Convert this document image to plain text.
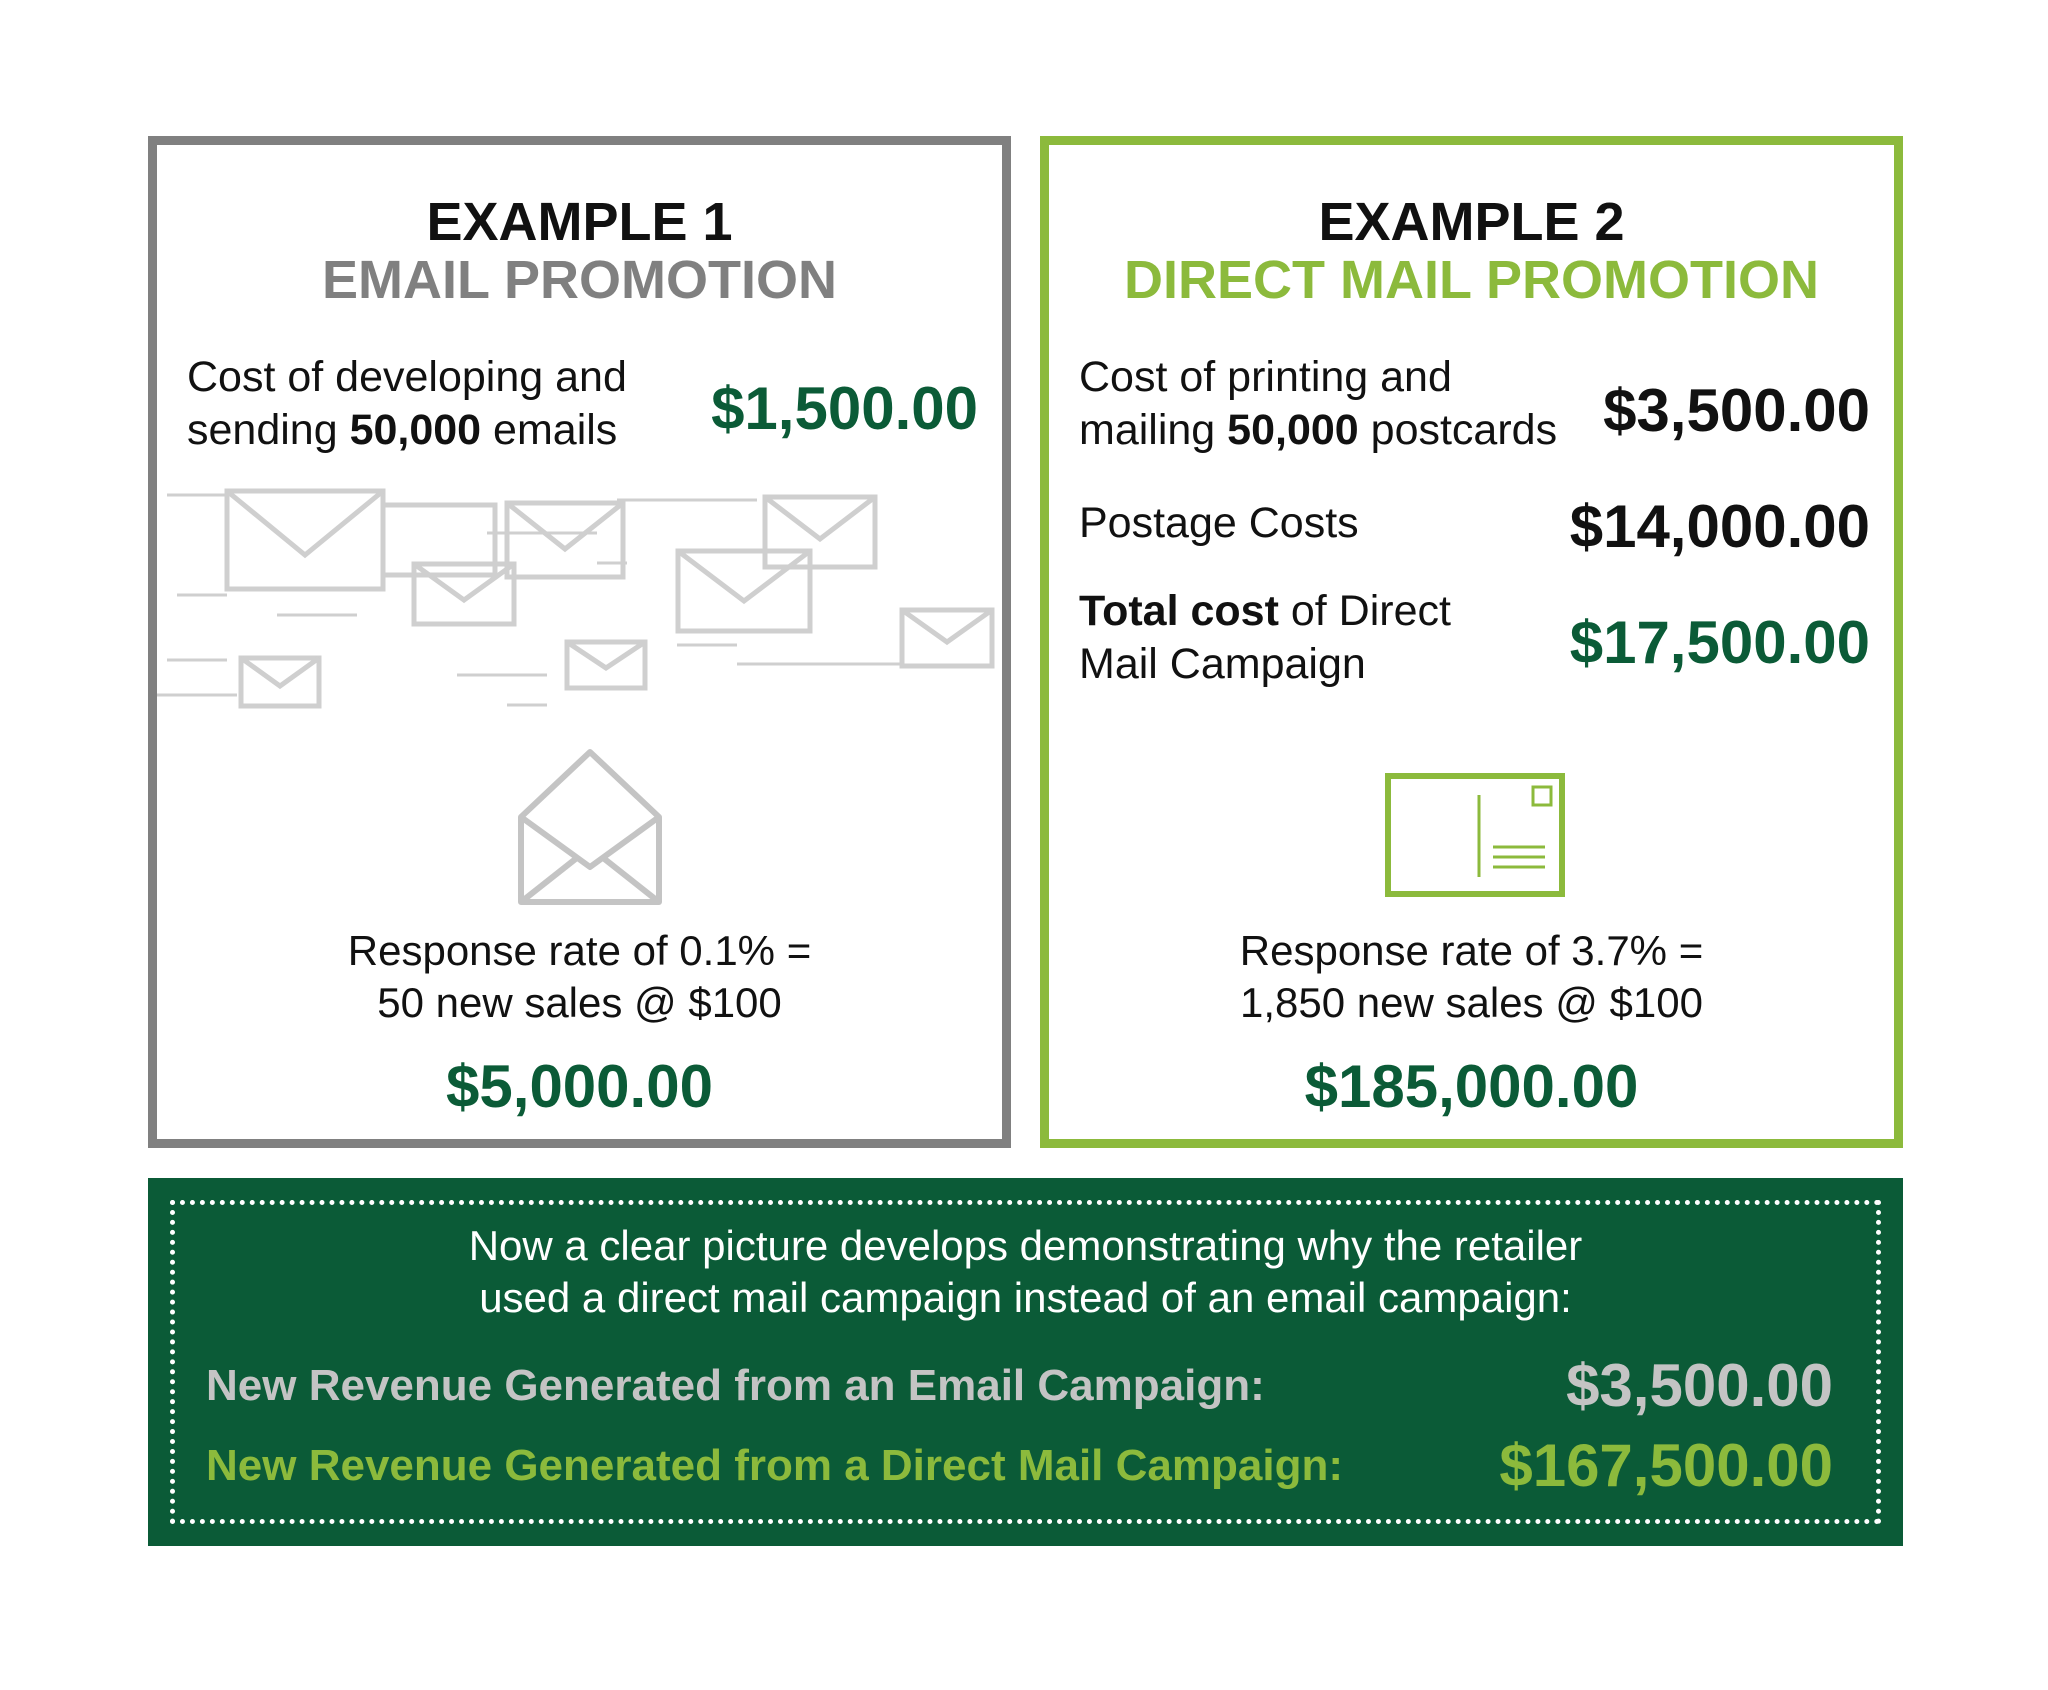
EXAMPLE 1
EMAIL PROMOTION
Cost of developing and
sending 50,000 emails $1,500.00
Response rate of 0.1% =
50 new sales @ $100
$5,000.00
EXAMPLE 2
DIRECT MAIL PROMOTION
Cost of printing and
mailing 50,000 postcards $3,500.00
Postage Costs	$14,000.00
Total cost of Direct
Mail Campaign	$17,500.00
Response rate of 3.7% =
1,850 new sales @ $100
$185,000.00
Now a clear picture develops demonstrating why the retailer
used a direct mail campaign instead of an email campaign:
New Revenue Generated from an Email Campaign:	$3,500.00
New Revenue Generated from a Direct Mail Campaign:	$167,500.00
